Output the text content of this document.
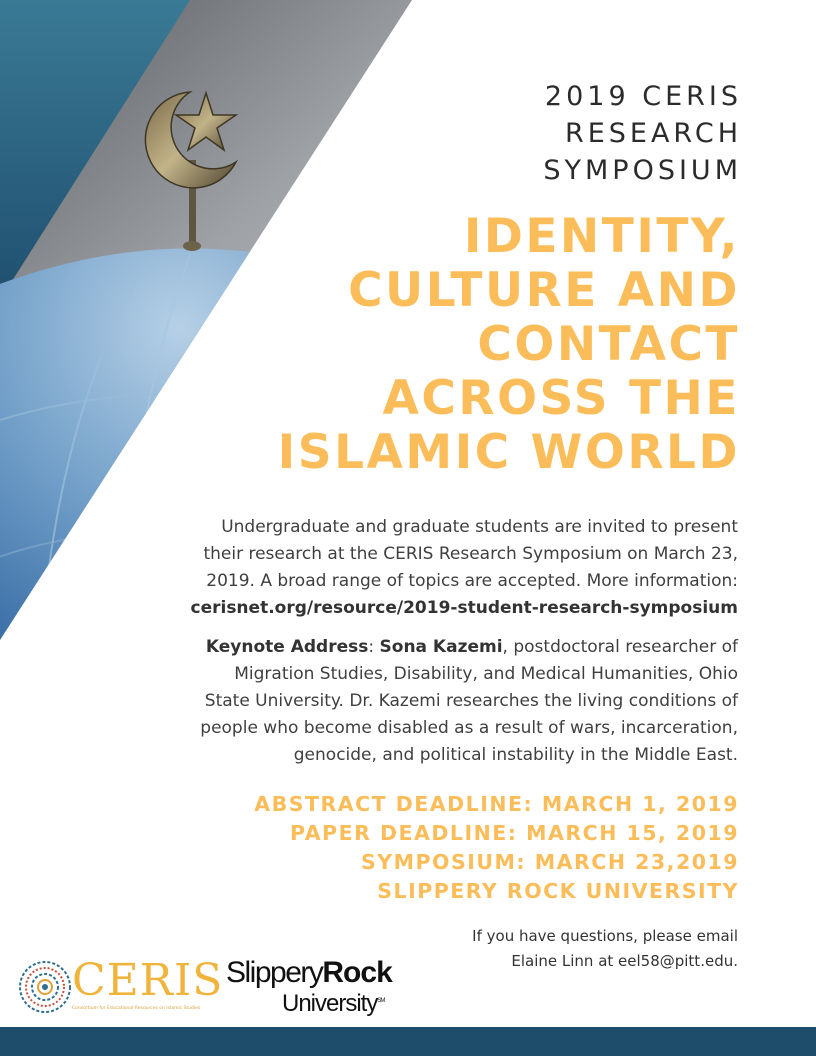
2019 CERIS
RESEARCH
SYMPOSIUM
IDENTITY,
CULTURE AND
CONTACT
ACROSS THE
ISLAMIC WORLD
Undergraduate and graduate students are invited to present
their research at the CERIS Research Symposium on March 23,
2019. A broad range of topics are accepted. More information:
cerisnet.org/resource/2019-student-research-symposium
Keynote Address: Sona Kazemi, postdoctoral researcher of
Migration Studies, Disability, and Medical Humanities, Ohio
State University. Dr. Kazemi researches the living conditions of
people who become disabled as a result of wars, incarceration,
genocide, and political instability in the Middle East.
ABSTRACT DEADLINE: MARCH 1, 2019
PAPER DEADLINE: MARCH 15, 2019
SYMPOSIUM: MARCH 23,2019
SLIPPERY ROCK UNIVERSITY
If you have questions, please email
Elaine Linn at eel58@pitt.edu.
CERIS
Consortium for Educational Resources on Islamic Studies
SlipperyRock
University℠
